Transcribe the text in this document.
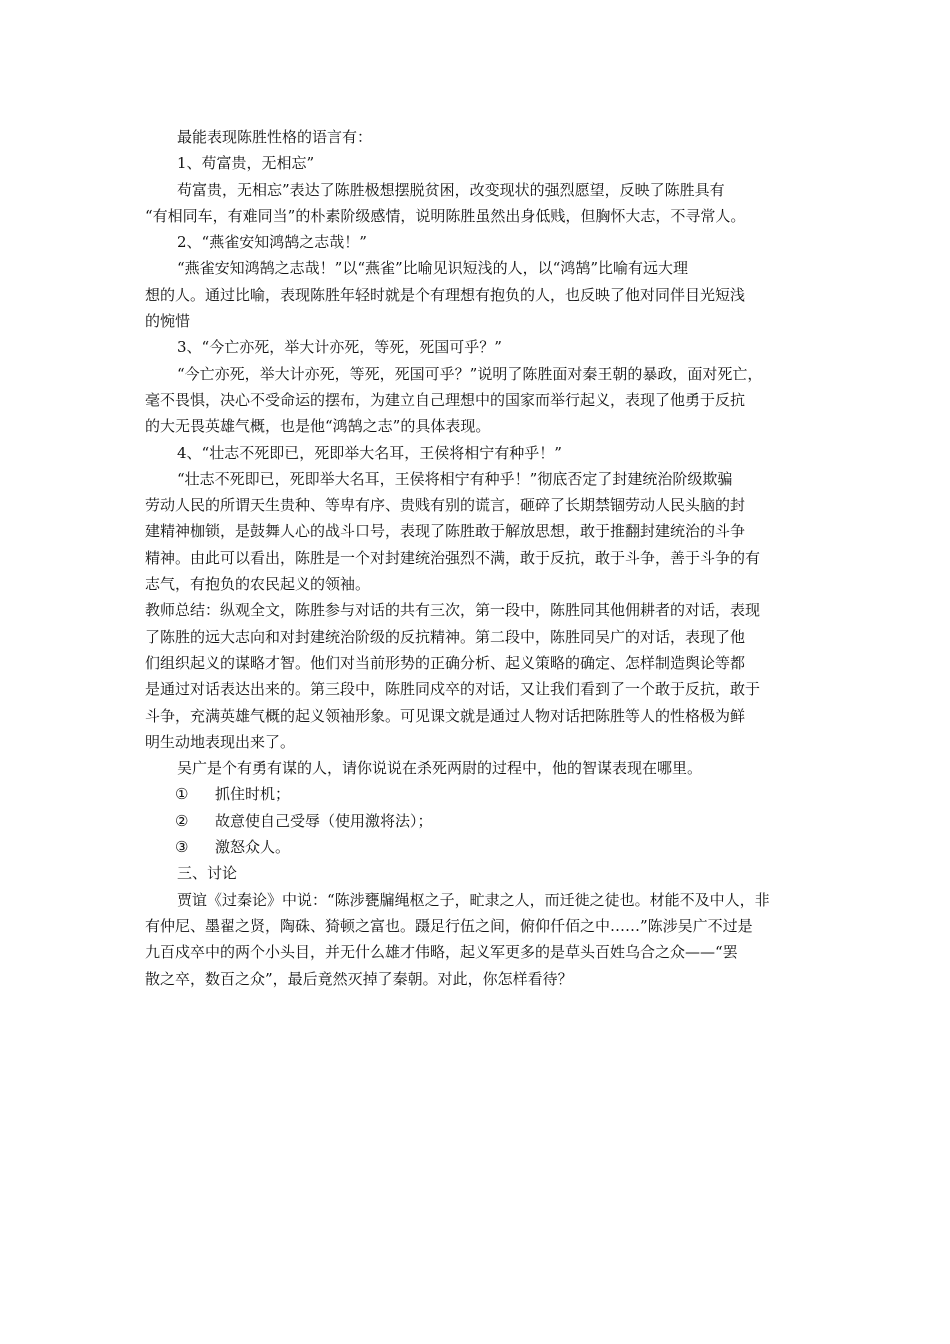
最能表现陈胜性格的语言有：
1、苟富贵，无相忘”
苟富贵，无相忘”表达了陈胜极想摆脱贫困，改变现状的强烈愿望，反映了陈胜具有
“有相同车，有难同当”的朴素阶级感情，说明陈胜虽然出身低贱，但胸怀大志，不寻常人。
2、“燕雀安知鸿鹄之志哉！”
“燕雀安知鸿鹄之志哉！”以“燕雀”比喻见识短浅的人，以“鸿鹄”比喻有远大理
想的人。通过比喻，表现陈胜年轻时就是个有理想有抱负的人，也反映了他对同伴目光短浅
的惋惜
3、“今亡亦死，举大计亦死，等死，死国可乎？”
“今亡亦死，举大计亦死，等死，死国可乎？”说明了陈胜面对秦王朝的暴政，面对死亡，
毫不畏惧，决心不受命运的摆布，为建立自己理想中的国家而举行起义，表现了他勇于反抗
的大无畏英雄气概，也是他“鸿鹄之志”的具体表现。
4、“壮志不死即已，死即举大名耳，王侯将相宁有种乎！”
“壮志不死即已，死即举大名耳，王侯将相宁有种乎！”彻底否定了封建统治阶级欺骗
劳动人民的所谓天生贵种、等卑有序、贵贱有别的谎言，砸碎了长期禁锢劳动人民头脑的封
建精神枷锁，是鼓舞人心的战斗口号，表现了陈胜敢于解放思想，敢于推翻封建统治的斗争
精神。由此可以看出，陈胜是一个对封建统治强烈不满，敢于反抗，敢于斗争，善于斗争的有
志气，有抱负的农民起义的领袖。
教师总结：纵观全文，陈胜参与对话的共有三次，第一段中，陈胜同其他佣耕者的对话，表现
了陈胜的远大志向和对封建统治阶级的反抗精神。第二段中，陈胜同吴广的对话，表现了他
们组织起义的谋略才智。他们对当前形势的正确分析、起义策略的确定、怎样制造舆论等都
是通过对话表达出来的。第三段中，陈胜同戍卒的对话，又让我们看到了一个敢于反抗，敢于
斗争，充满英雄气概的起义领袖形象。可见课文就是通过人物对话把陈胜等人的性格极为鲜
明生动地表现出来了。
吴广是个有勇有谋的人，请你说说在杀死两尉的过程中，他的智谋表现在哪里。
① 抓住时机；
② 故意使自己受辱（使用激将法）；
③ 激怒众人。
三、讨论
贾谊《过秦论》中说：“陈涉甕牖绳枢之子，甿隶之人，而迁徙之徒也。材能不及中人，非
有仲尼、墨翟之贤，陶硃、猗顿之富也。蹑足行伍之间，俯仰仟佰之中……”陈涉吴广不过是
九百戍卒中的两个小头目，并无什么雄才伟略，起义军更多的是草头百姓乌合之众——“罢
散之卒，数百之众”，最后竟然灭掉了秦朝。对此，你怎样看待？
